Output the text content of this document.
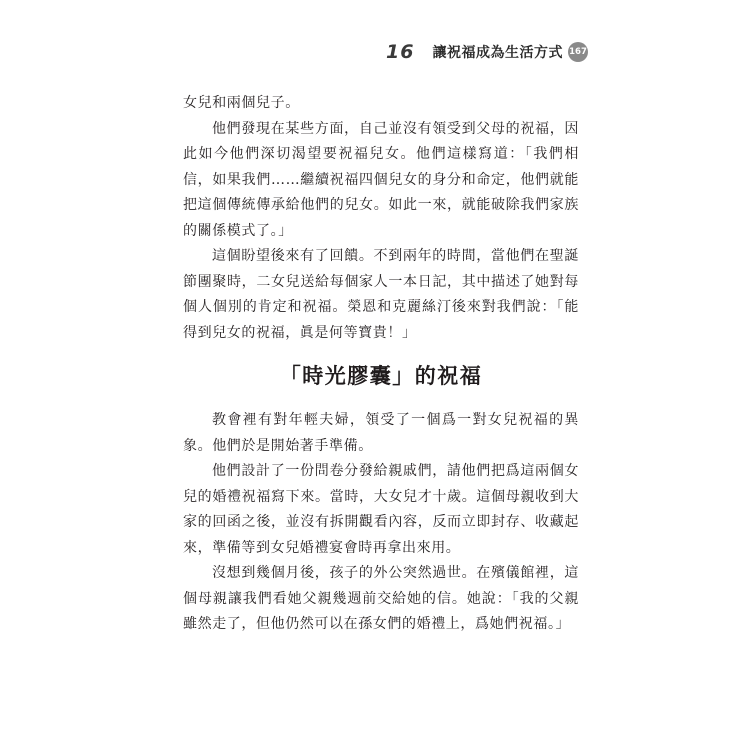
16 讓祝福成為生活方式 167

女兒和兩個兒子。

他們發現在某些方面，自己並沒有領受到父母的祝福，因此如今他們深切渴望要祝福兒女。他們這樣寫道：「我們相信，如果我們……繼續祝福四個兒女的身分和命定，他們就能把這個傳統傳承給他們的兒女。如此一來，就能破除我們家族的關係模式了。」

這個盼望後來有了回饋。不到兩年的時間，當他們在聖誕節團聚時，二女兒送給每個家人一本日記，其中描述了她對每個人個別的肯定和祝福。榮恩和克麗絲汀後來對我們說：「能得到兒女的祝福，眞是何等寶貴！」

「時光膠囊」的祝福

教會裡有對年輕夫婦，領受了一個爲一對女兒祝福的異象。他們於是開始著手準備。

他們設計了一份問卷分發給親戚們，請他們把爲這兩個女兒的婚禮祝福寫下來。當時，大女兒才十歲。這個母親收到大家的回函之後，並沒有拆開觀看內容，反而立即封存、收藏起來，準備等到女兒婚禮宴會時再拿出來用。

沒想到幾個月後，孩子的外公突然過世。在殯儀館裡，這個母親讓我們看她父親幾週前交給她的信。她說：「我的父親雖然走了，但他仍然可以在孫女們的婚禮上，爲她們祝福。」
